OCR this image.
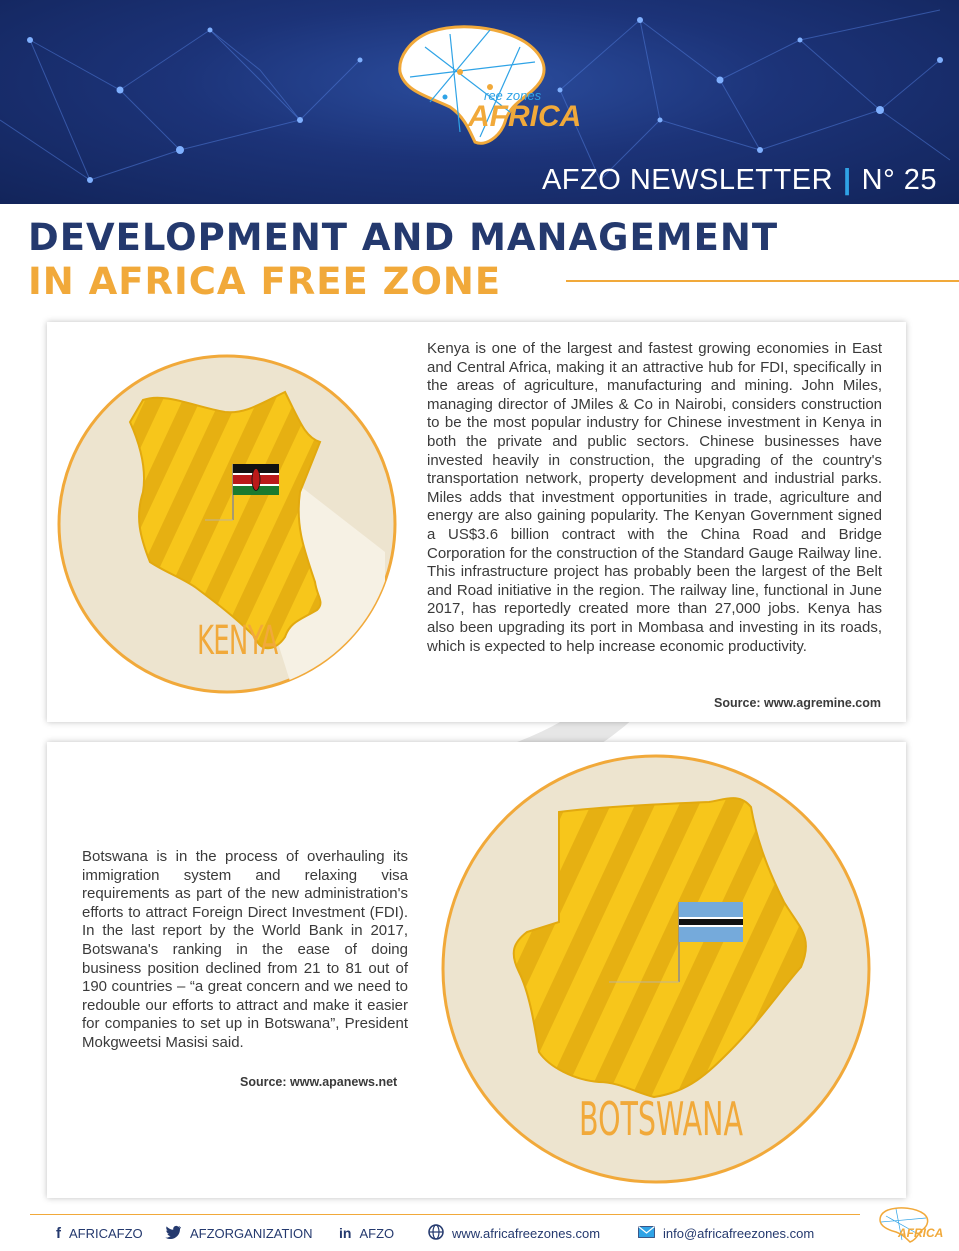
ree zones
AFRICA
AFZO NEWSLETTER | N° 25
DEVELOPMENT AND MANAGEMENT
IN AFRICA FREE ZONE
KENYA
Kenya is one of the largest and fastest growing economies in East and Central Africa, making it an attractive hub for FDI, specifically in the areas of agriculture, manufacturing and mining. John Miles, managing director of JMiles & Co in Nairobi, considers construction to be the most popular industry for Chinese investment in Kenya in both the private and public sectors. Chinese businesses have invested heavily in construction, the upgrading of the country's transportation network, property development and industrial parks. Miles adds that investment opportunities in trade, agriculture and energy are also gaining popularity. The Kenyan Government signed a US$3.6 billion contract with the China Road and Bridge Corporation for the construction of the Standard Gauge Railway line. This infrastructure project has probably been the largest of the Belt and Road initiative in the region. The railway line, functional in June 2017, has reportedly created more than 27,000 jobs. Kenya has also been upgrading its port in Mombasa and investing in its roads, which is expected to help increase economic productivity.
Source: www.agremine.com
Botswana is in the process of overhauling its immigration system and relaxing visa requirements as part of the new administration's efforts to attract Foreign Direct Investment (FDI). In the last report by the World Bank in 2017, Botswana's ranking in the ease of doing business position declined from 21 to 81 out of 190 countries – “a great concern and we need to redouble our efforts to attract and make it easier for companies to set up in Botswana”, President Mokgweetsi Masisi said.
Source: www.apanews.net
BOTSWANA
f AFRICAFZO	AFZORGANIZATION in AFZO	www.africafreezones.com	info@africafreezones.com	AFRICA
